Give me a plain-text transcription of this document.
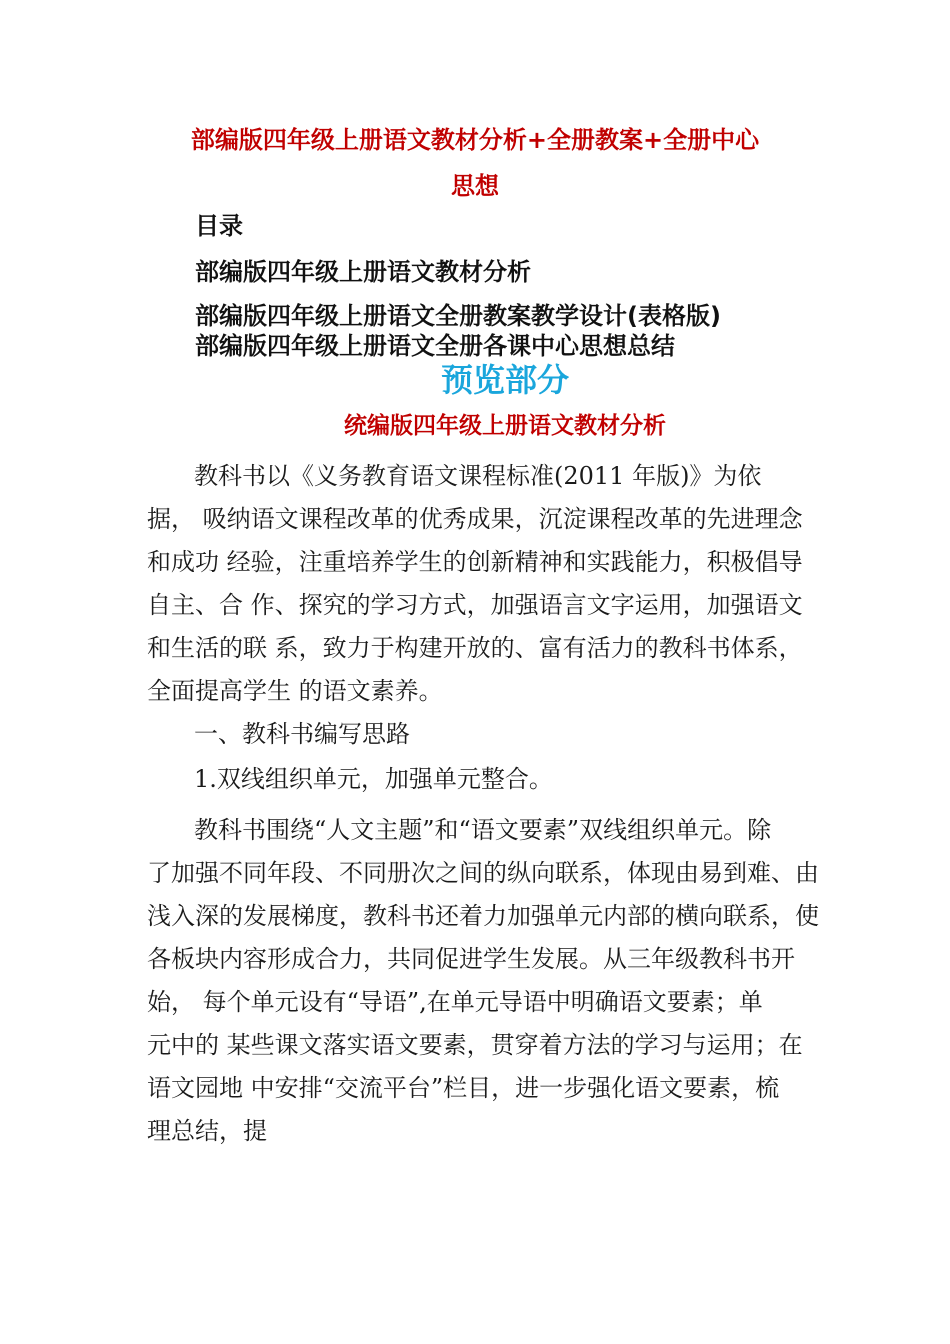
部编版四年级上册语文教材分析+全册教案+全册中心
思想
目录
部编版四年级上册语文教材分析
部编版四年级上册语文全册教案教学设计(表格版)
部编版四年级上册语文全册各课中心思想总结
预览部分
统编版四年级上册语文教材分析
教科书以《义务教育语文课程标准(2011 年版)》为依
据， 吸纳语文课程改革的优秀成果，沉淀课程改革的先进理念
和成功 经验，注重培养学生的创新精神和实践能力，积极倡导
自主、合 作、探究的学习方式，加强语言文字运用，加强语文
和生活的联 系，致力于构建开放的、富有活力的教科书体系，
全面提高学生 的语文素养。
一、教科书编写思路
1.双线组织单元，加强单元整合。
教科书围绕“人文主题”和“语文要素”双线组织单元。除
了加强不同年段、不同册次之间的纵向联系，体现由易到难、由
浅入深的发展梯度，教科书还着力加强单元内部的横向联系，使
各板块内容形成合力，共同促进学生发展。从三年级教科书开
始， 每个单元设有“导语”,在单元导语中明确语文要素；单
元中的 某些课文落实语文要素，贯穿着方法的学习与运用；在
语文园地 中安排“交流平台”栏目，进一步强化语文要素，梳
理总结，提
